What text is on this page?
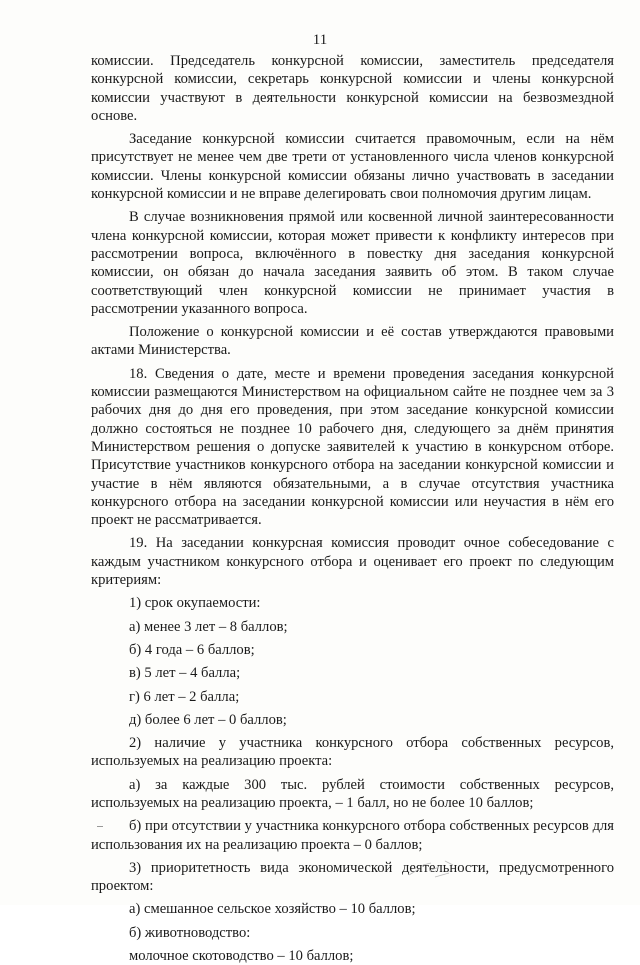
11

комиссии. Председатель конкурсной комиссии, заместитель председателя конкурсной комиссии, секретарь конкурсной комиссии и члены конкурсной комиссии участвуют в деятельности конкурсной комиссии на безвозмездной основе.

Заседание конкурсной комиссии считается правомочным, если на нём присутствует не менее чем две трети от установленного числа членов конкурсной комиссии. Члены конкурсной комиссии обязаны лично участвовать в заседании конкурсной комиссии и не вправе делегировать свои полномочия другим лицам.

В случае возникновения прямой или косвенной личной заинтересованности члена конкурсной комиссии, которая может привести к конфликту интересов при рассмотрении вопроса, включённого в повестку дня заседания конкурсной комиссии, он обязан до начала заседания заявить об этом. В таком случае соответствующий член конкурсной комиссии не принимает участия в рассмотрении указанного вопроса.

Положение о конкурсной комиссии и её состав утверждаются правовыми актами Министерства.

18. Сведения о дате, месте и времени проведения заседания конкурсной комиссии размещаются Министерством на официальном сайте не позднее чем за 3 рабочих дня до дня его проведения, при этом заседание конкурсной комиссии должно состояться не позднее 10 рабочего дня, следующего за днём принятия Министерством решения о допуске заявителей к участию в конкурсном отборе. Присутствие участников конкурсного отбора на заседании конкурсной комиссии и участие в нём являются обязательными, а в случае отсутствия участника конкурсного отбора на заседании конкурсной комиссии или неучастия в нём его проект не рассматривается.

19. На заседании конкурсная комиссия проводит очное собеседование с каждым участником конкурсного отбора и оценивает его проект по следующим критериям:

1) срок окупаемости:

а) менее 3 лет – 8 баллов;

б) 4 года – 6 баллов;

в) 5 лет – 4 балла;

г) 6 лет – 2 балла;

д) более 6 лет – 0 баллов;

2) наличие у участника конкурсного отбора собственных ресурсов, используемых на реализацию проекта:

а) за каждые 300 тыс. рублей стоимости собственных ресурсов, используемых на реализацию проекта, – 1 балл, но не более 10 баллов;

б) при отсутствии у участника конкурсного отбора собственных ресурсов для использования их на реализацию проекта – 0 баллов;

3) приоритетность вида экономической деятельности, предусмотренного проектом:

а) смешанное сельское хозяйство – 10 баллов;

б) животноводство:

молочное скотоводство – 10 баллов;
